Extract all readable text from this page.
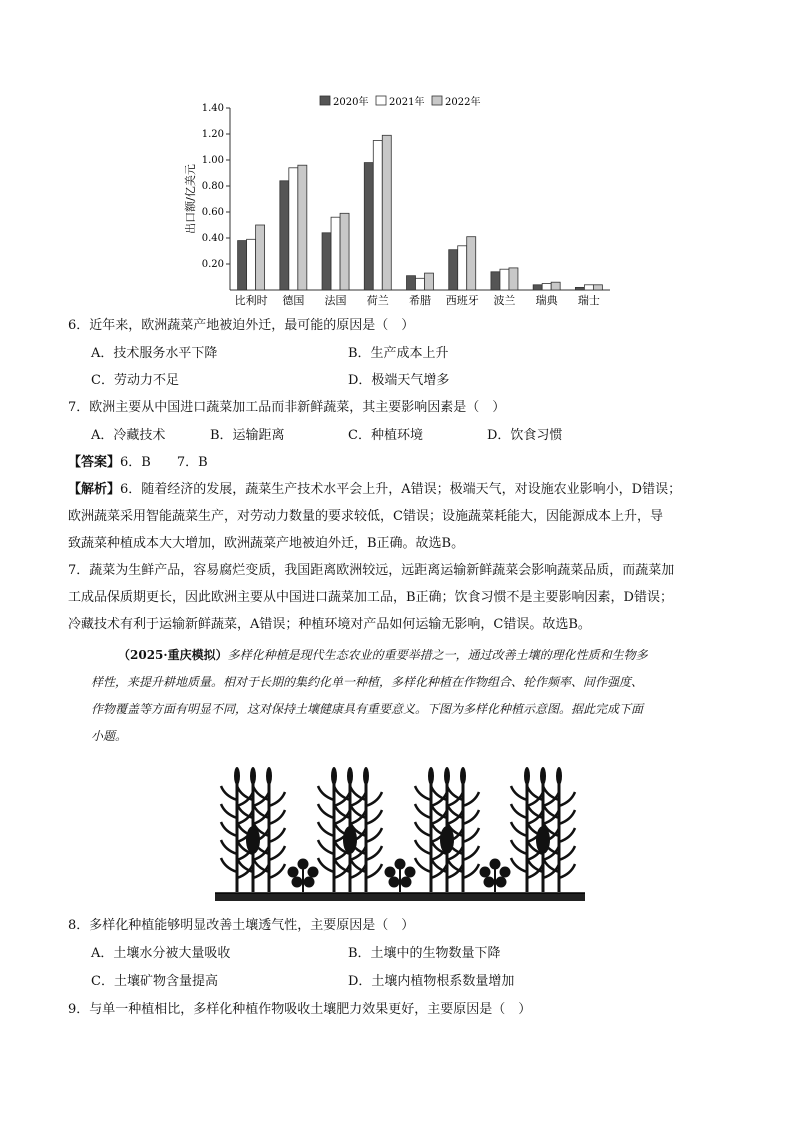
0.20
0.40
0.60
0.80
1.00
1.20
1.40
出口额/亿美元
比利时 德国 法国 荷兰 希腊 西班牙 波兰 瑞典 瑞士
2020年 2021年 2022年
6．近年来，欧洲蔬菜产地被迫外迁，最可能的原因是（　）
A．技术服务水平下降	B．生产成本上升
C．劳动力不足	D．极端天气增多
7．欧洲主要从中国进口蔬菜加工品而非新鲜蔬菜，其主要影响因素是（　）
A．冷藏技术	B．运输距离	C．种植环境	D．饮食习惯
【答案】6．B　　7．B
【解析】6．随着经济的发展，蔬菜生产技术水平会上升，A错误；极端天气，对设施农业影响小，D错误；
欧洲蔬菜采用智能蔬菜生产，对劳动力数量的要求较低，C错误；设施蔬菜耗能大，因能源成本上升，导
致蔬菜种植成本大大增加，欧洲蔬菜产地被迫外迁，B正确。故选B。
7．蔬菜为生鲜产品，容易腐烂变质，我国距离欧洲较远，远距离运输新鲜蔬菜会影响蔬菜品质，而蔬菜加
工成品保质期更长，因此欧洲主要从中国进口蔬菜加工品，B正确；饮食习惯不是主要影响因素，D错误；
冷藏技术有利于运输新鲜蔬菜，A错误；种植环境对产品如何运输无影响，C错误。故选B。
（2025·重庆模拟）多样化种植是现代生态农业的重要举措之一，通过改善土壤的理化性质和生物多
样性，来提升耕地质量。相对于长期的集约化单一种植，多样化种植在作物组合、轮作频率、间作强度、
作物覆盖等方面有明显不同，这对保持土壤健康具有重要意义。下图为多样化种植示意图。据此完成下面
小题。
8．多样化种植能够明显改善土壤透气性，主要原因是（　）
A．土壤水分被大量吸收	B．土壤中的生物数量下降
C．土壤矿物含量提高	D．土壤内植物根系数量增加
9．与单一种植相比，多样化种植作物吸收土壤肥力效果更好，主要原因是（　）
